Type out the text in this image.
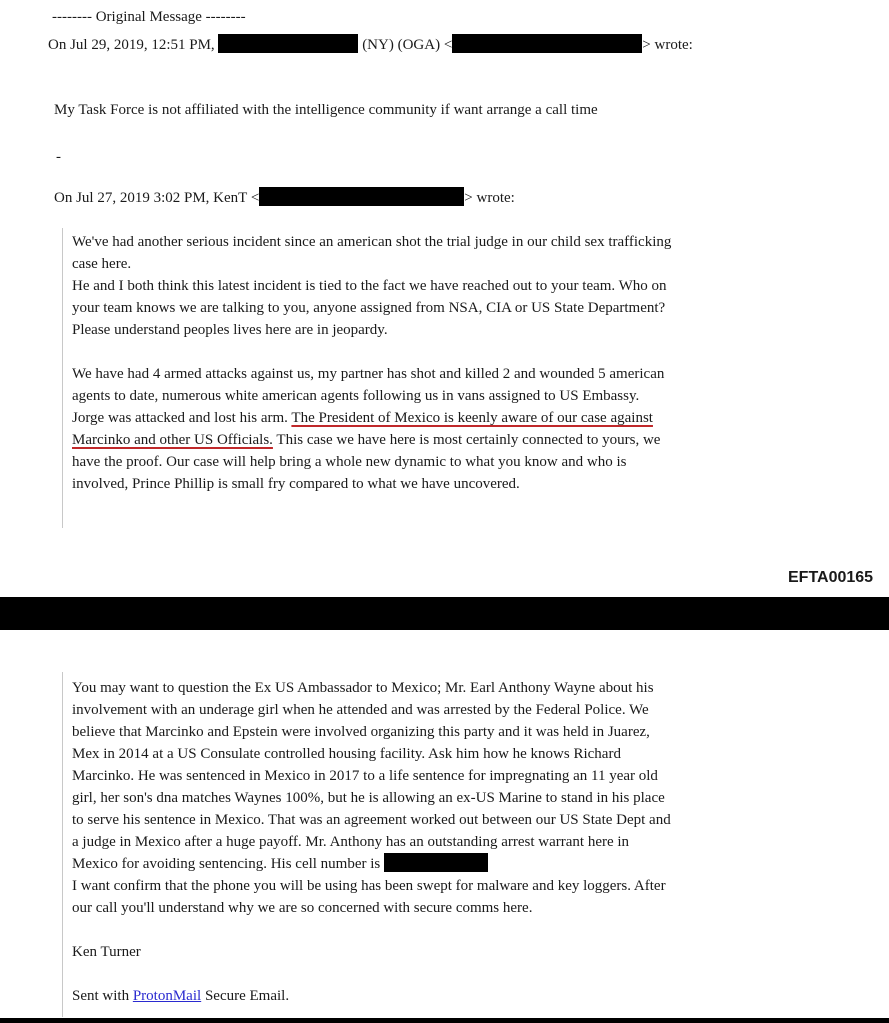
-------- Original Message --------
On Jul 29, 2019, 12:51 PM,	(NY) (OGA) <	> wrote:
My Task Force is not affiliated with the intelligence community if want arrange a call time
-
On Jul 27, 2019 3:02 PM, KenT <	> wrote:

We've had another serious incident since an american shot the trial judge in our child sex trafficking

case here.

He and I both think this latest incident is tied to the fact we have reached out to your team. Who on

your team knows we are talking to you, anyone assigned from NSA, CIA or US State Department?

Please understand peoples lives here are in jeopardy.

We have had 4 armed attacks against us, my partner has shot and killed 2 and wounded 5 american

agents to date, numerous white american agents following us in vans assigned to US Embassy.

Jorge was attacked and lost his arm. The President of Mexico is keenly aware of our case against

Marcinko and other US Officials. This case we have here is most certainly connected to yours, we

have the proof. Our case will help bring a whole new dynamic to what you know and who is

involved, Prince Phillip is small fry compared to what we have uncovered.

EFTA00165

You may want to question the Ex US Ambassador to Mexico; Mr. Earl Anthony Wayne about his

involvement with an underage girl when he attended and was arrested by the Federal Police. We

believe that Marcinko and Epstein were involved organizing this party and it was held in Juarez,

Mex in 2014 at a US Consulate controlled housing facility. Ask him how he knows Richard

Marcinko. He was sentenced in Mexico in 2017 to a life sentence for impregnating an 11 year old

girl, her son's dna matches Waynes 100%, but he is allowing an ex-US Marine to stand in his place

to serve his sentence in Mexico. That was an agreement worked out between our US State Dept and

a judge in Mexico after a huge payoff. Mr. Anthony has an outstanding arrest warrant here in

Mexico for avoiding sentencing. His cell number is

I want confirm that the phone you will be using has been swept for malware and key loggers. After

our call you'll understand why we are so concerned with secure comms here.

Ken Turner
Sent with ProtonMail Secure Email.
